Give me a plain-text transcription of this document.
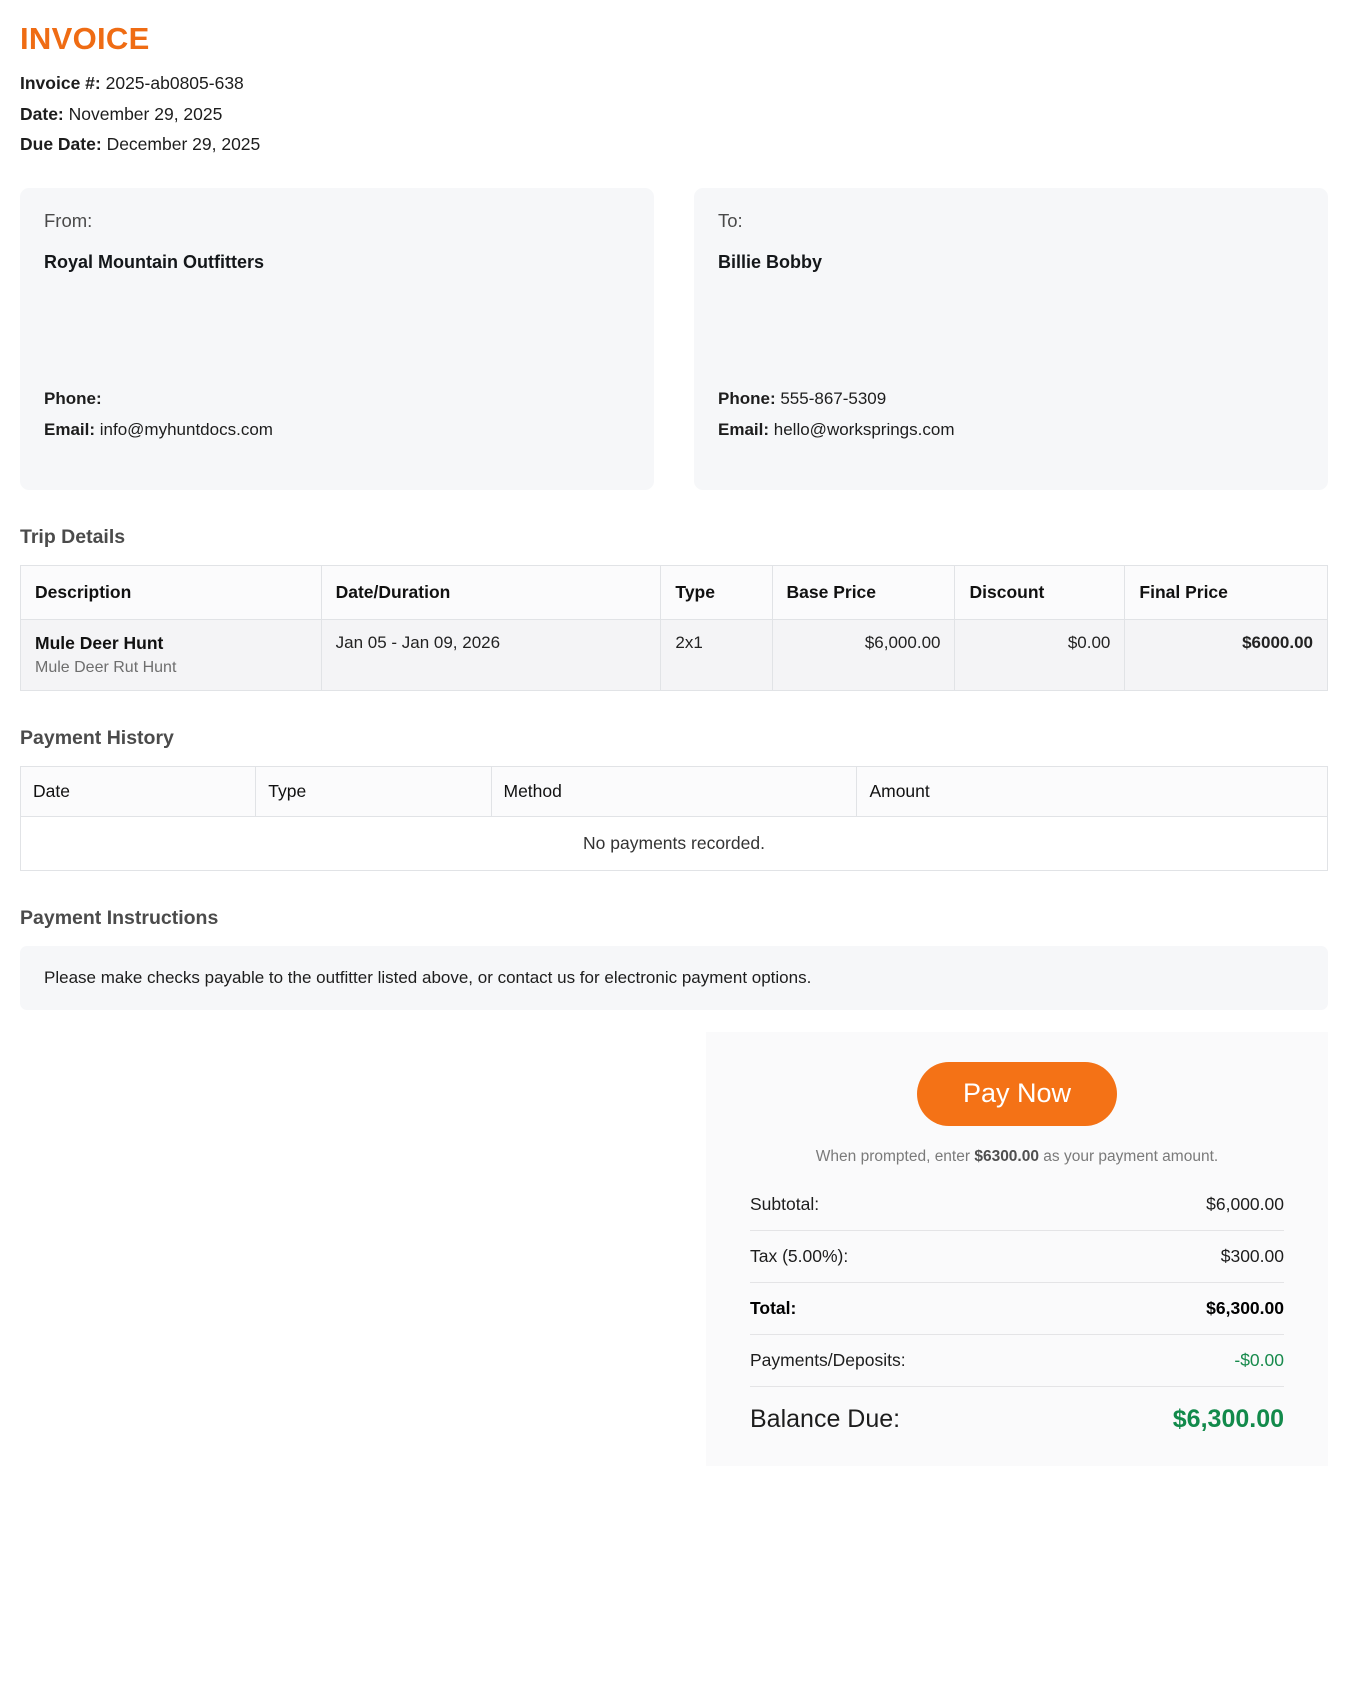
INVOICE
Invoice #: 2025-ab0805-638
Date: November 29, 2025
Due Date: December 29, 2025
From:
Royal Mountain Outfitters
Phone:
Email: info@myhuntdocs.com
To:
Billie Bobby
Phone: 555-867-5309
Email: hello@worksprings.com
Trip Details
Description	Date/Duration	Type	Base Price	Discount	Final Price

Mule Deer Hunt
Mule Deer Rut Hunt	Jan 05 - Jan 09, 2026	2x1	$6,000.00	$0.00	$6000.00
Payment History
Date	Type	Method	Amount
No payments recorded.
Payment Instructions
Please make checks payable to the outfitter listed above, or contact us for electronic payment options.
Pay Now
When prompted, enter $6300.00 as your payment amount.
Subtotal:	$6,000.00
Tax (5.00%):	$300.00
Total:	$6,300.00
Payments/Deposits:	-$0.00
Balance Due:	$6,300.00
